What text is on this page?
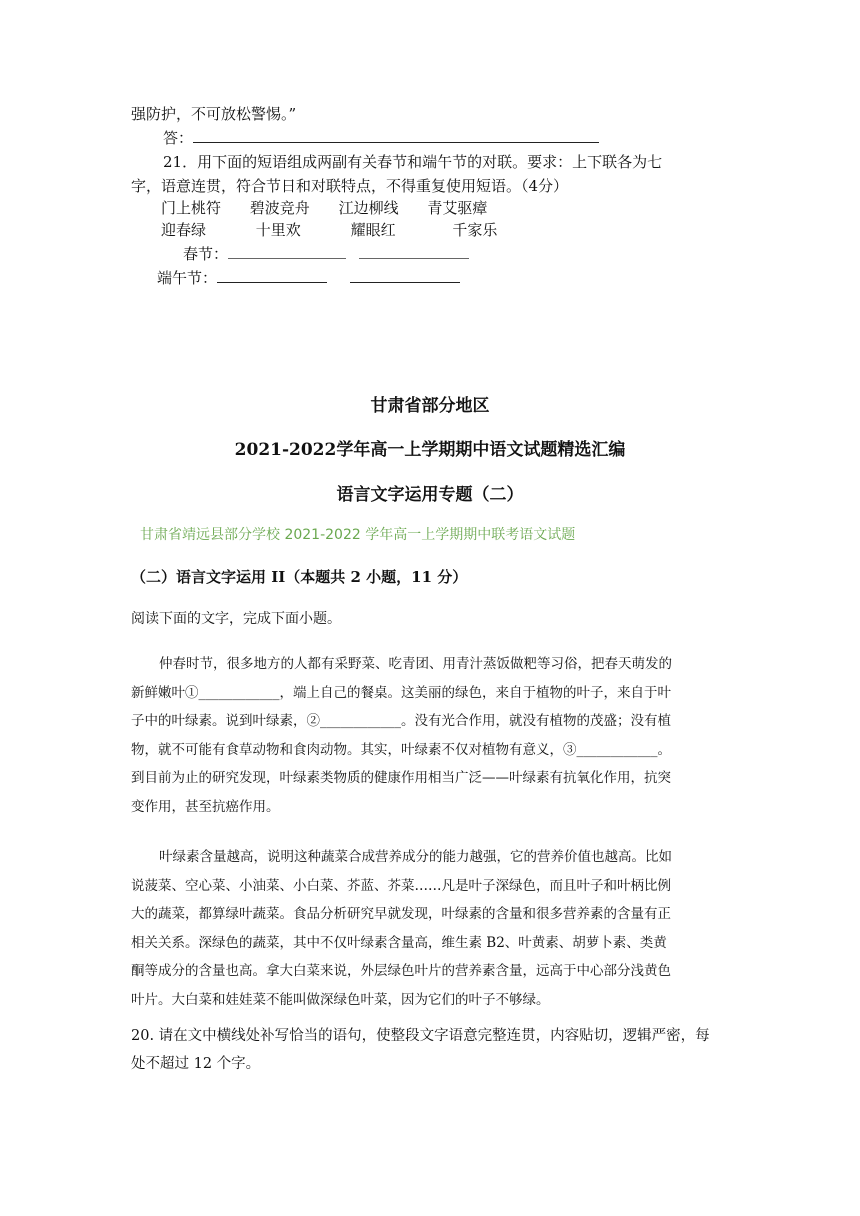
强防护，不可放松警惕。”
答：
21．用下面的短语组成两副有关春节和端午节的对联。要求：上下联各为七
字，语意连贯，符合节日和对联特点，不得重复使用短语。（4分）
门上桃符 碧波竞舟 江边柳线 青艾驱瘴
迎春绿	十里欢	耀眼红	千家乐
春节：
端午节：
甘肃省部分地区
2021-2022学年高一上学期期中语文试题精选汇编
语言文字运用专题（二）
甘肃省靖远县部分学校 2021-2022 学年高一上学期期中联考语文试题
（二）语言文字运用 II（本题共 2 小题，11 分）
阅读下面的文字，完成下面小题。
仲春时节，很多地方的人都有采野菜、吃青团、用青汁蒸饭做粑等习俗，把春天萌发的
新鲜嫩叶①____________，端上自己的餐桌。这美丽的绿色，来自于植物的叶子，来自于叶
子中的叶绿素。说到叶绿素，②____________。没有光合作用，就没有植物的茂盛；没有植
物，就不可能有食草动物和食肉动物。其实，叶绿素不仅对植物有意义，③____________。
到目前为止的研究发现，叶绿素类物质的健康作用相当广泛——叶绿素有抗氧化作用，抗突
变作用，甚至抗癌作用。
叶绿素含量越高，说明这种蔬菜合成营养成分的能力越强，它的营养价值也越高。比如
说菠菜、空心菜、小油菜、小白菜、芥蓝、芥菜……凡是叶子深绿色，而且叶子和叶柄比例
大的蔬菜，都算绿叶蔬菜。食品分析研究早就发现，叶绿素的含量和很多营养素的含量有正
相关关系。深绿色的蔬菜，其中不仅叶绿素含量高，维生素 B2、叶黄素、胡萝卜素、类黄
酮等成分的含量也高。拿大白菜来说，外层绿色叶片的营养素含量，远高于中心部分浅黄色
叶片。大白菜和娃娃菜不能叫做深绿色叶菜，因为它们的叶子不够绿。
20. 请在文中横线处补写恰当的语句，使整段文字语意完整连贯，内容贴切，逻辑严密，每
处不超过 12 个字。
